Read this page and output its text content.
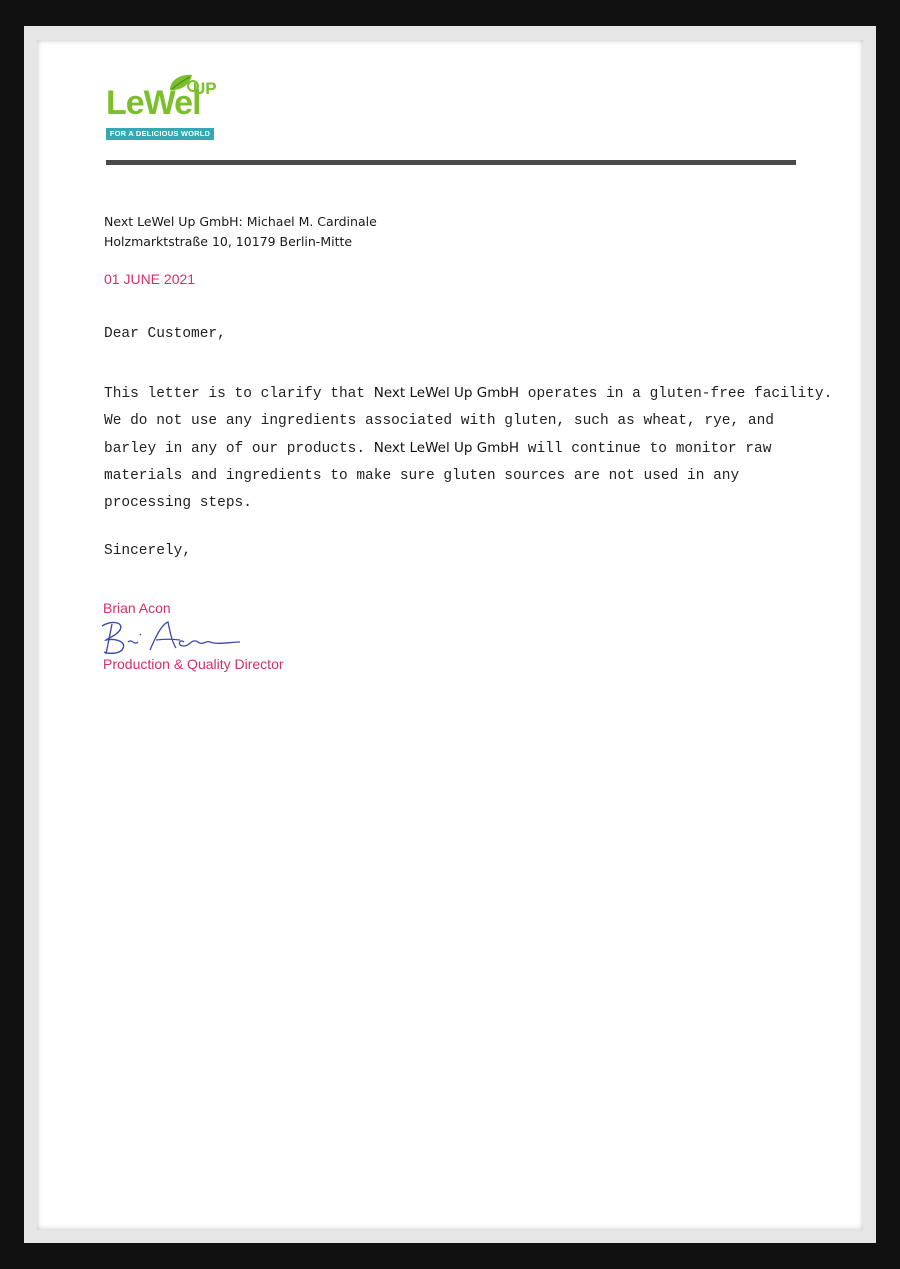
LeWel
UP
FOR A DELICIOUS WORLD
Next LeWel Up GmbH: Michael M. Cardinale
Holzmarktstraße 10, 10179 Berlin-Mitte
01 JUNE 2021
Dear Customer,
This letter is to clarify that Next LeWel Up GmbH operates in a gluten-free facility.
We do not use any ingredients associated with gluten, such as wheat, rye, and
barley in any of our products. Next LeWel Up GmbH will continue to monitor raw
materials and ingredients to make sure gluten sources are not used in any
processing steps.
Sincerely,
Brian Acon
Production & Quality Director
